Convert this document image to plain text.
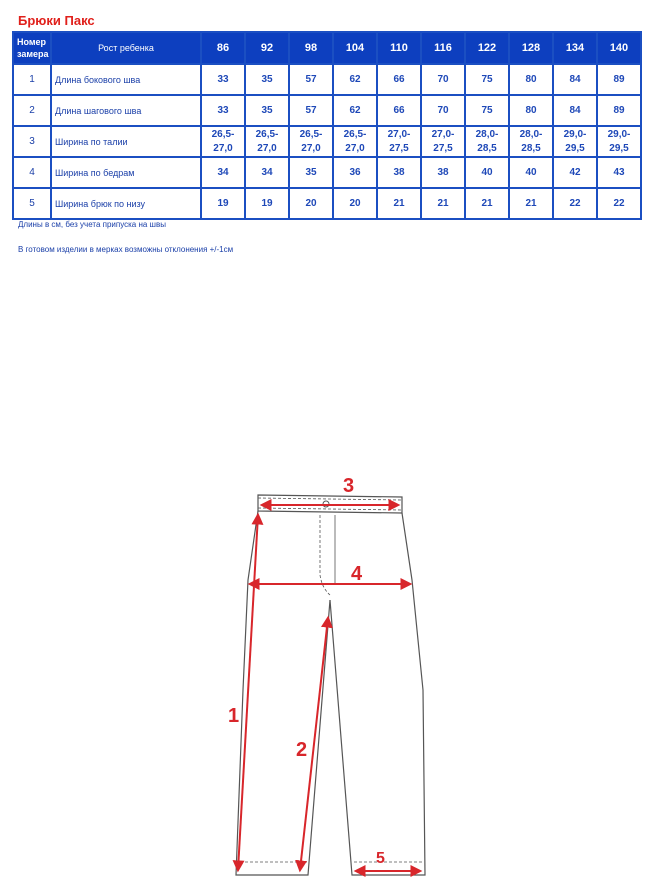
Брюки Пакс
Номер замера	Рост ребенка	86	92	98	104	110	116	122	128	134	140
1	Длина бокового шва	33	35	57	62	66	70	75	80	84	89
2	Длина шагового шва	33	35	57	62	66	70	75	80	84	89
3	Ширина по талии	26,5-27,0	26,5-27,0	26,5-27,0	26,5-27,0	27,0-27,5	27,0-27,5	28,0-28,5	28,0-28,5	29,0-29,5	29,0-29,5
4	Ширина по бедрам	34	34	35	36	38	38	40	40	42	43
5	Ширина брюк по низу	19	19	20	20	21	21	21	21	22	22
Длины в см, без учета припуска на швы
В готовом изделии в мерках возможны отклонения +/-1см
3
4
1
2
5
